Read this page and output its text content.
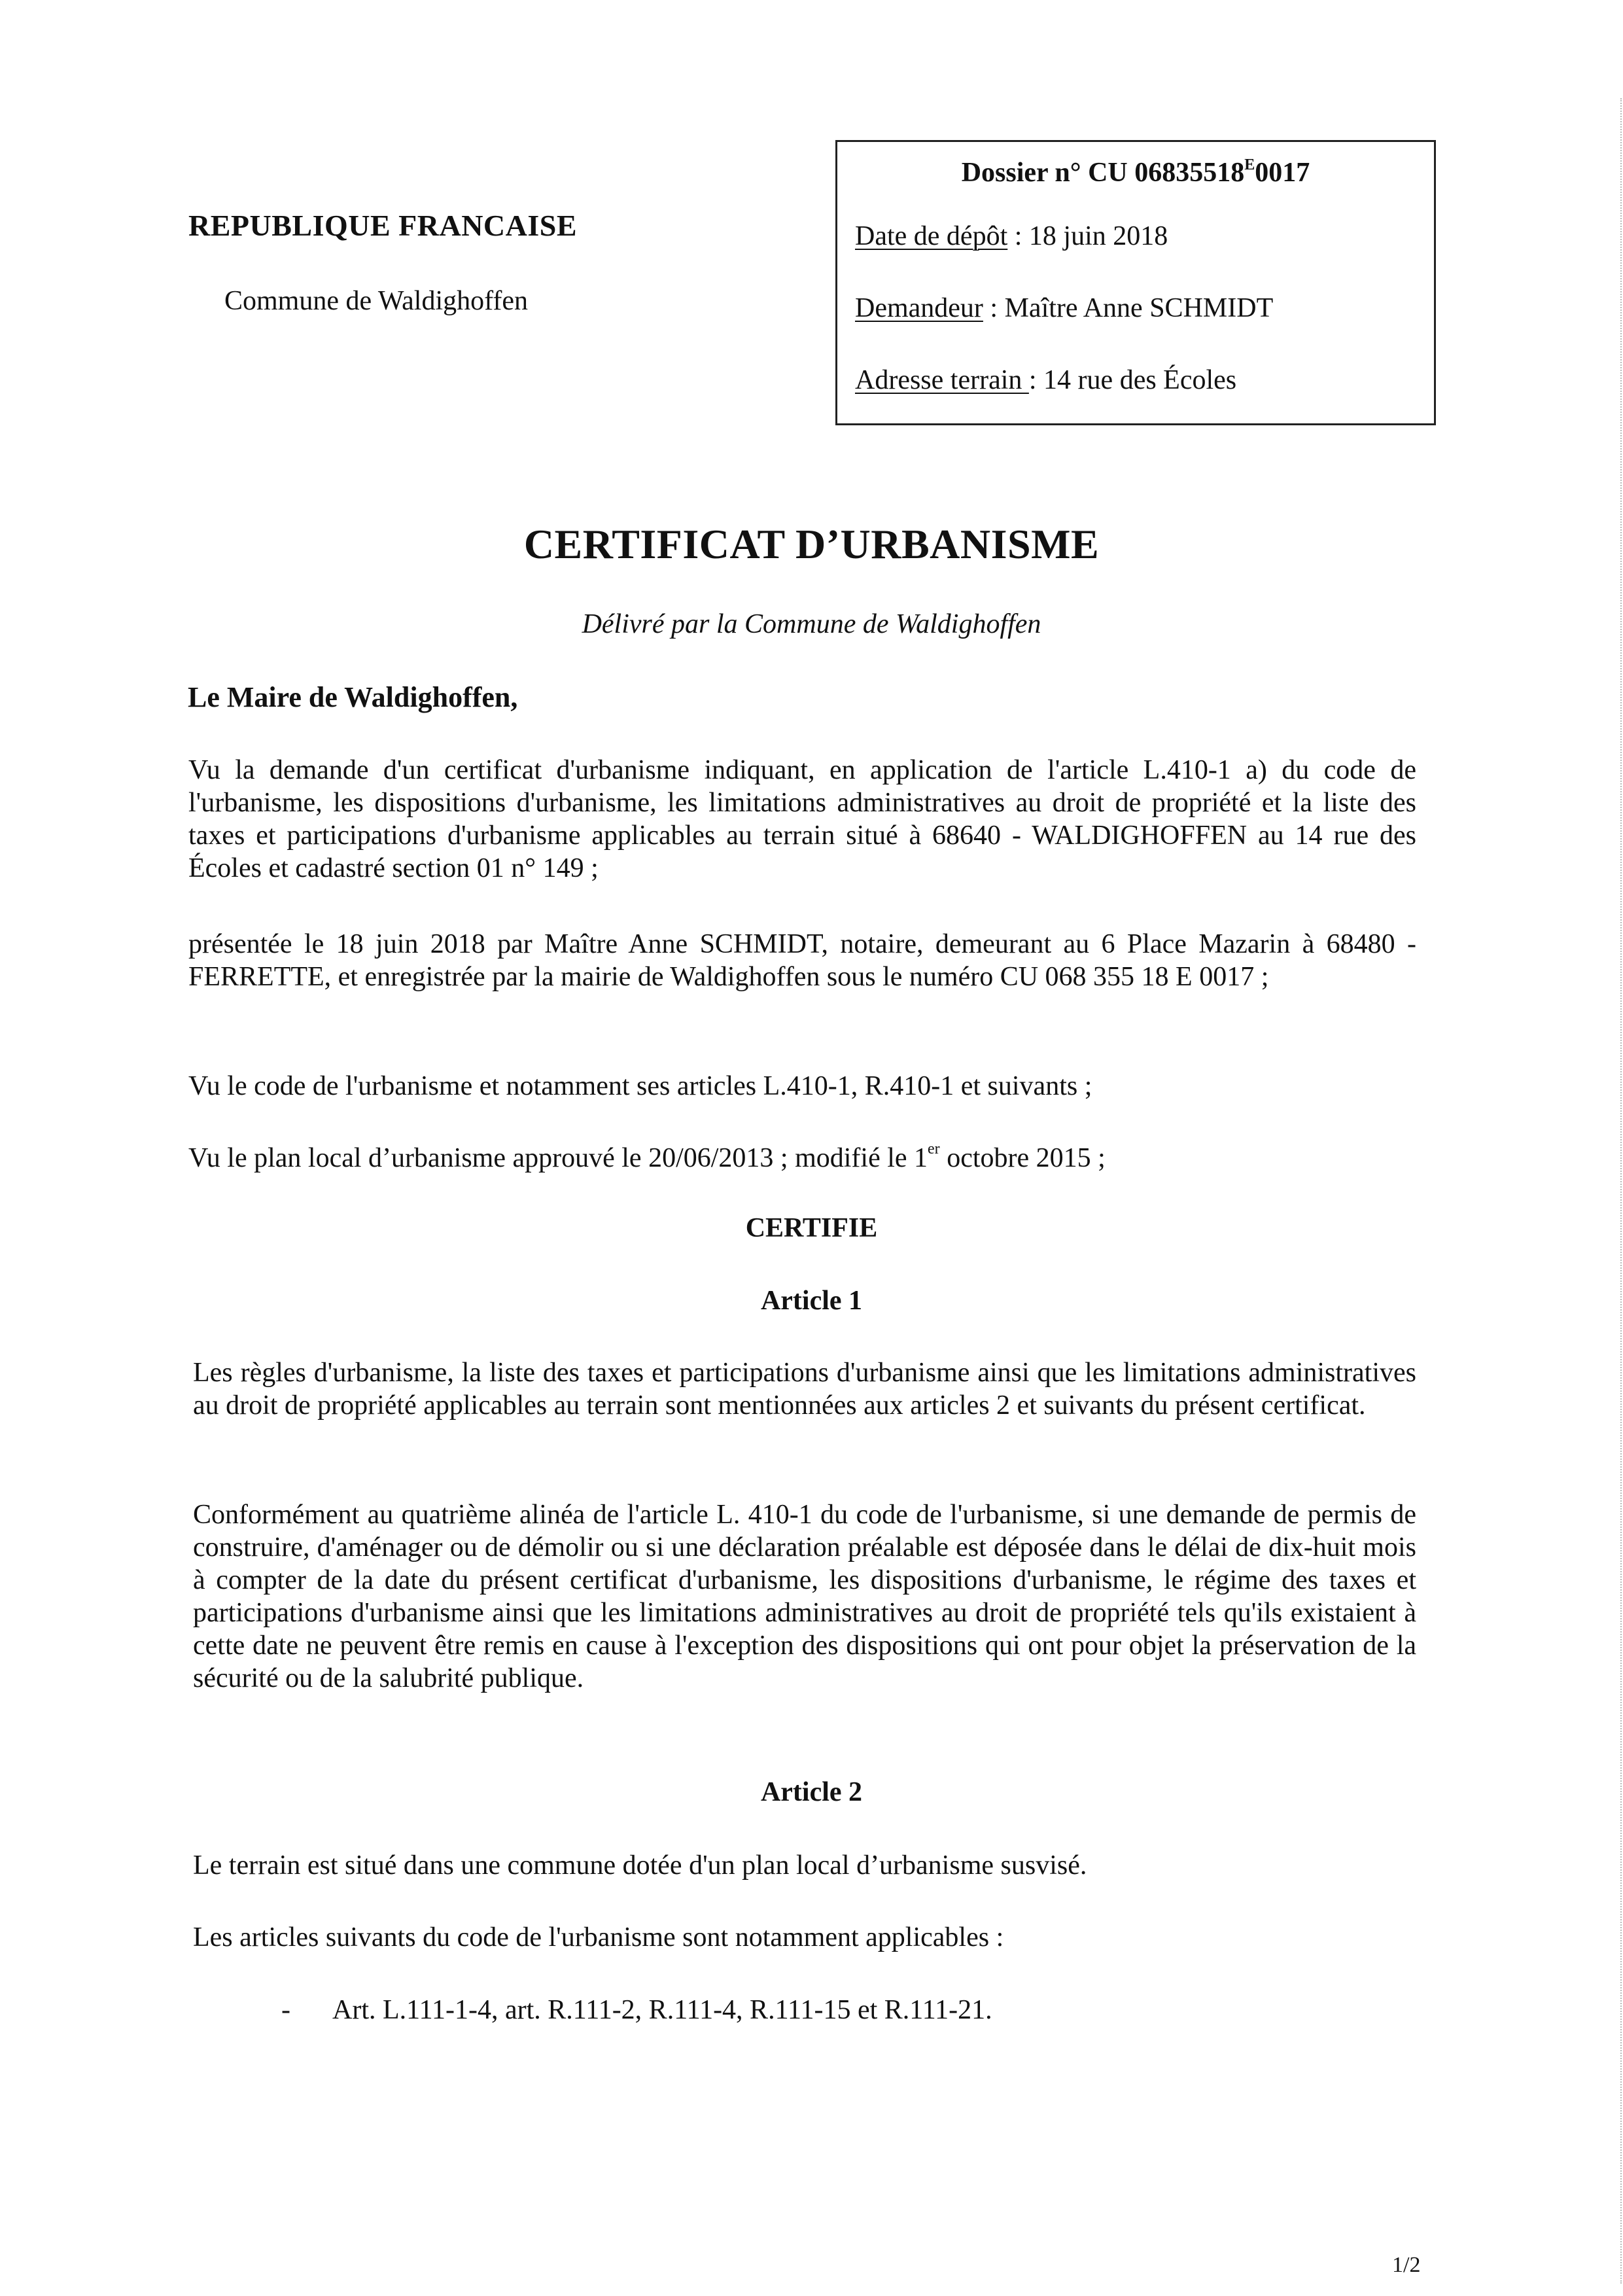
REPUBLIQUE FRANCAISE
Commune de Waldighoffen
Dossier n° CU $06835518^E0017$
Date de dépôt : 18 juin 2018
Demandeur : Maître Anne SCHMIDT
Adresse terrain : 14 rue des Écoles
CERTIFICAT D’URBANISME
Délivré par la Commune de Waldighoffen
Le Maire de Waldighoffen,
Vu la demande d'un certificat d'urbanisme indiquant, en application de l'article L.410-1 a) du code de l'urbanisme, les dispositions d'urbanisme, les limitations administratives au droit de propriété et la liste des taxes et participations d'urbanisme applicables au terrain situé à 68640 - WALDIGHOFFEN au 14 rue des Écoles et cadastré section 01 n° 149 ;
présentée le 18 juin 2018 par Maître Anne SCHMIDT, notaire, demeurant au 6 Place Mazarin à 68480 - FERRETTE, et enregistrée par la mairie de Waldighoffen sous le numéro CU 068 355 18 E 0017 ;
Vu le code de l'urbanisme et notamment ses articles L.410-1, R.410-1 et suivants ;
Vu le plan local d’urbanisme approuvé le 20/06/2013 ; modifié le 1er octobre 2015 ;
CERTIFIE
Article 1
Les règles d'urbanisme, la liste des taxes et participations d'urbanisme ainsi que les limitations administratives au droit de propriété applicables au terrain sont mentionnées aux articles 2 et suivants du présent certificat.
Conformément au quatrième alinéa de l'article L. 410-1 du code de l'urbanisme, si une demande de permis de construire, d'aménager ou de démolir ou si une déclaration préalable est déposée dans le délai de dix-huit mois à compter de la date du présent certificat d'urbanisme, les dispositions d'urbanisme, le régime des taxes et participations d'urbanisme ainsi que les limitations administratives au droit de propriété tels qu'ils existaient à cette date ne peuvent être remis en cause à l'exception des dispositions qui ont pour objet la préservation de la sécurité ou de la salubrité publique.
Article 2
Le terrain est situé dans une commune dotée d'un plan local d’urbanisme susvisé.
Les articles suivants du code de l'urbanisme sont notamment applicables :
- Art. L.111-1-4, art. R.111-2, R.111-4, R.111-15 et R.111-21.
1/2
